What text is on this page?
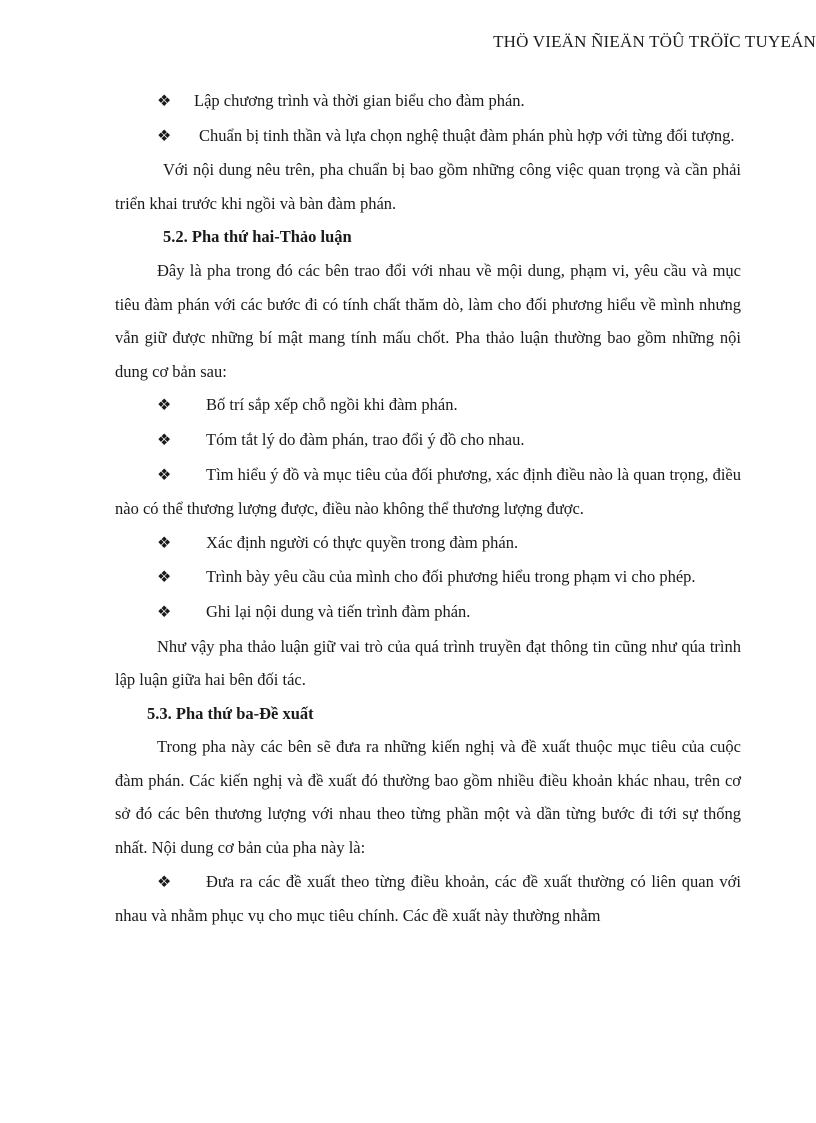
THÖ VIEÄN ÑIEÄN TÖÛ TRÖÏC TUYEÁN

❖ Lập chương trình và thời gian biểu cho đàm phán.

❖ Chuẩn bị tinh thần và lựa chọn nghệ thuật đàm phán phù hợp với từng đối tượng.

Với nội dung nêu trên, pha chuẩn bị bao gồm những công việc quan trọng và cần phải triển khai trước khi ngồi và bàn đàm phán.

5.2. Pha thứ hai-Thảo luận

Đây là pha trong đó các bên trao đổi với nhau về mội dung, phạm vi, yêu cầu và mục tiêu đàm phán với các bước đi có tính chất thăm dò, làm cho đối phương hiểu về mình nhưng vẫn giữ được những bí mật mang tính mấu chốt. Pha thảo luận thường bao gồm những nội dung cơ bản sau:

❖ Bố trí sắp xếp chỗ ngồi khi đàm phán.

❖ Tóm tắt lý do đàm phán, trao đổi ý đồ cho nhau.

❖ Tìm hiểu ý đồ và mục tiêu của đối phương, xác định điều nào là quan trọng, điều nào có thể thương lượng được, điều nào không thể thương lượng được.

❖ Xác định người có thực quyền trong đàm phán.

❖ Trình bày yêu cầu của mình cho đối phương hiểu trong phạm vi cho phép.

❖ Ghi lại nội dung và tiến trình đàm phán.

Như vậy pha thảo luận giữ vai trò của quá trình truyền đạt thông tin cũng như qúa trình lập luận giữa hai bên đối tác.

5.3. Pha thứ ba-Đề xuất

Trong pha này các bên sẽ đưa ra những kiến nghị và đề xuất thuộc mục tiêu của cuộc đàm phán. Các kiến nghị và đề xuất đó thường bao gồm nhiều điều khoản khác nhau, trên cơ sở đó các bên thương lượng với nhau theo từng phần một và dần từng bước đi tới sự thống nhất. Nội dung cơ bản của pha này là:

❖ Đưa ra các đề xuất theo từng điều khoản, các đề xuất thường có liên quan với nhau và nhằm phục vụ cho mục tiêu chính. Các đề xuất này thường nhằm
